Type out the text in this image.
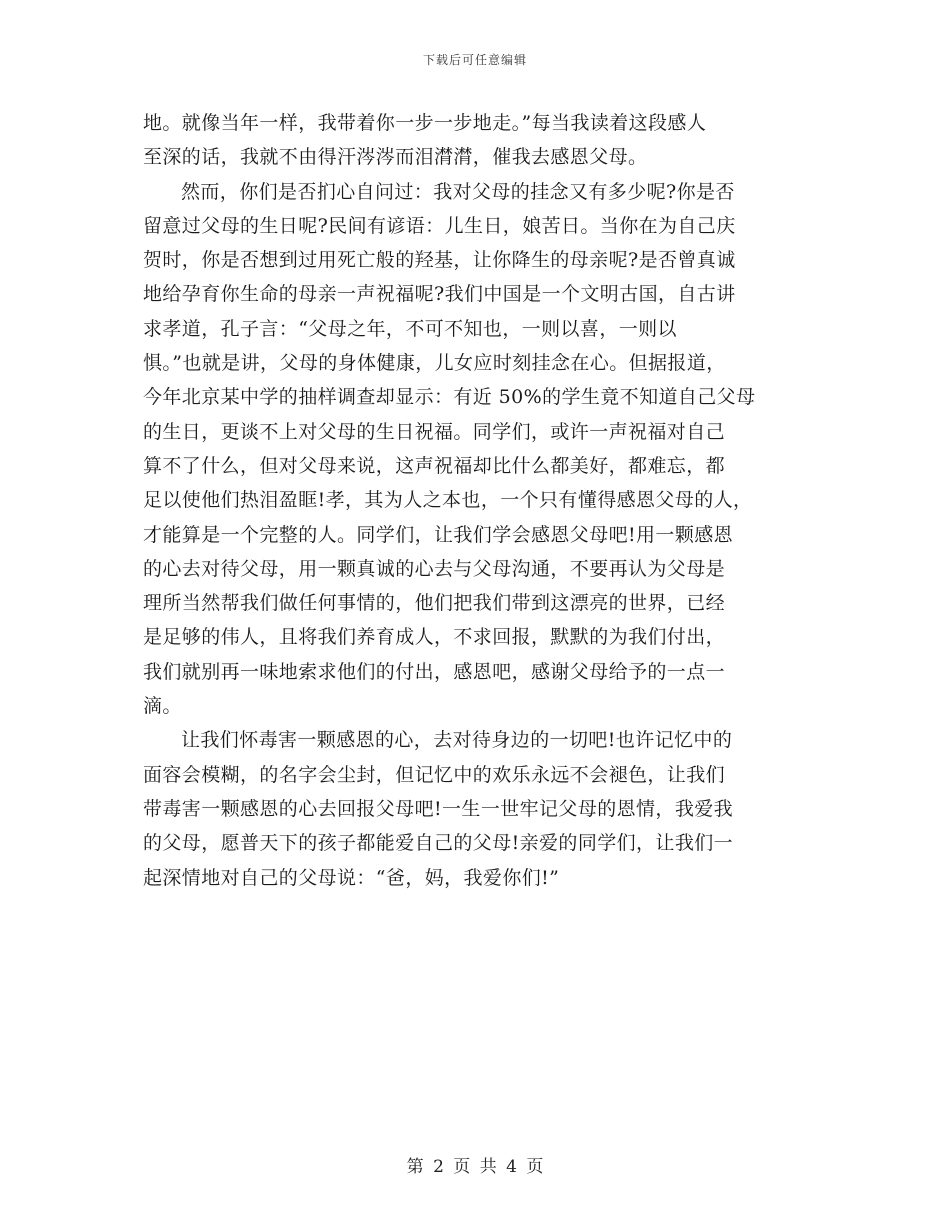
下载后可任意编辑
地。就像当年一样，我带着你一步一步地走。”每当我读着这段感人
至深的话，我就不由得汗涔涔而泪潸潸，催我去感恩父母。
然而，你们是否扪心自问过：我对父母的挂念又有多少呢?你是否
留意过父母的生日呢?民间有谚语：儿生日，娘苦日。当你在为自己庆
贺时，你是否想到过用死亡般的羟基，让你降生的母亲呢?是否曾真诚
地给孕育你生命的母亲一声祝福呢?我们中国是一个文明古国，自古讲
求孝道，孔子言：“父母之年，不可不知也，一则以喜，一则以
惧。”也就是讲，父母的身体健康，儿女应时刻挂念在心。但据报道，
今年北京某中学的抽样调查却显示：有近 50%的学生竟不知道自己父母
的生日，更谈不上对父母的生日祝福。同学们，或许一声祝福对自己
算不了什么，但对父母来说，这声祝福却比什么都美好，都难忘，都
足以使他们热泪盈眶!孝，其为人之本也，一个只有懂得感恩父母的人，
才能算是一个完整的人。同学们，让我们学会感恩父母吧!用一颗感恩
的心去对待父母，用一颗真诚的心去与父母沟通，不要再认为父母是
理所当然帮我们做任何事情的，他们把我们带到这漂亮的世界，已经
是足够的伟人，且将我们养育成人，不求回报，默默的为我们付出，
我们就别再一味地索求他们的付出，感恩吧，感谢父母给予的一点一
滴。
让我们怀毒害一颗感恩的心，去对待身边的一切吧!也许记忆中的
面容会模糊，的名字会尘封，但记忆中的欢乐永远不会褪色，让我们
带毒害一颗感恩的心去回报父母吧!一生一世牢记父母的恩情，我爱我
的父母，愿普天下的孩子都能爱自己的父母!亲爱的同学们，让我们一
起深情地对自己的父母说：“爸，妈，我爱你们!”
第 2 页 共 4 页
